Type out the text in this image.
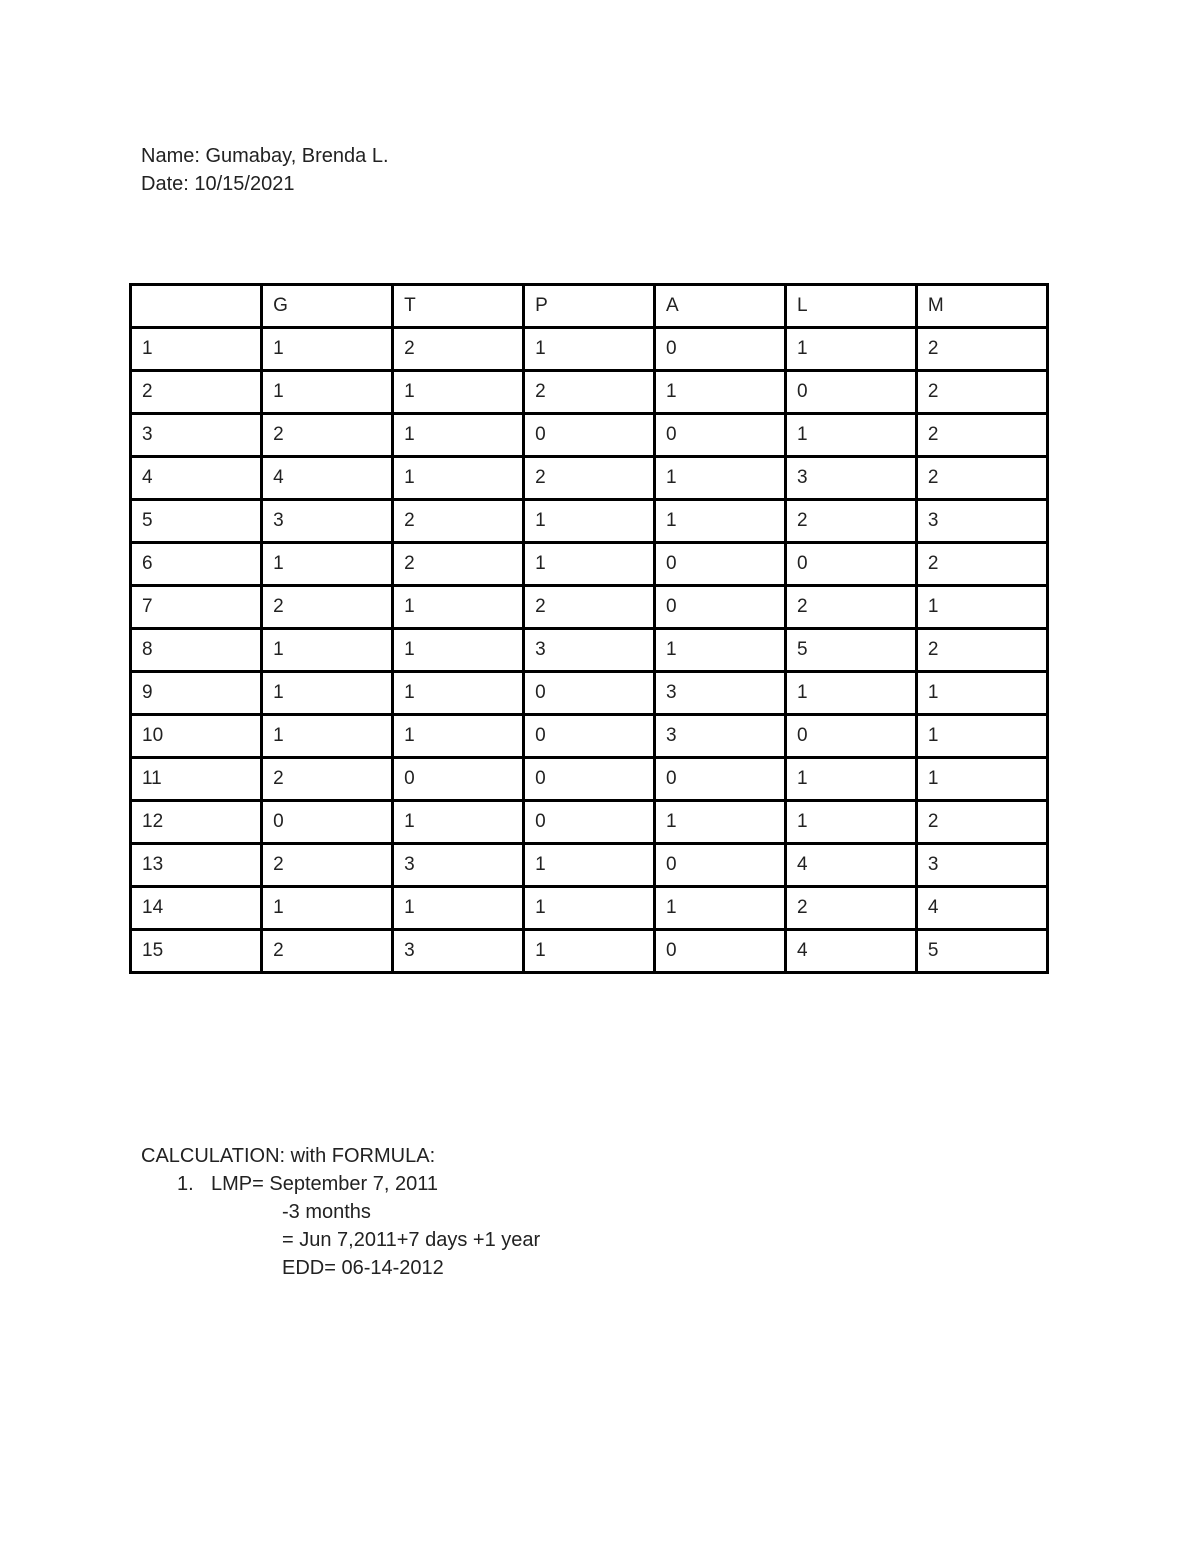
Name: Gumabay, Brenda L.
Date: 10/15/2021
	G	T	P	A	L	M
1	1	2	1	0	1	2
2	1	1	2	1	0	2
3	2	1	0	0	1	2
4	4	1	2	1	3	2
5	3	2	1	1	2	3
6	1	2	1	0	0	2
7	2	1	2	0	2	1
8	1	1	3	1	5	2
9	1	1	0	3	1	1
10	1	1	0	3	0	1
11	2	0	0	0	1	1
12	0	1	0	1	1	2
13	2	3	1	0	4	3
14	1	1	1	1	2	4
15	2	3	1	0	4	5
CALCULATION: with FORMULA:
1. LMP= September 7, 2011
-3 months
= Jun 7,2011+7 days +1 year
EDD= 06-14-2012
